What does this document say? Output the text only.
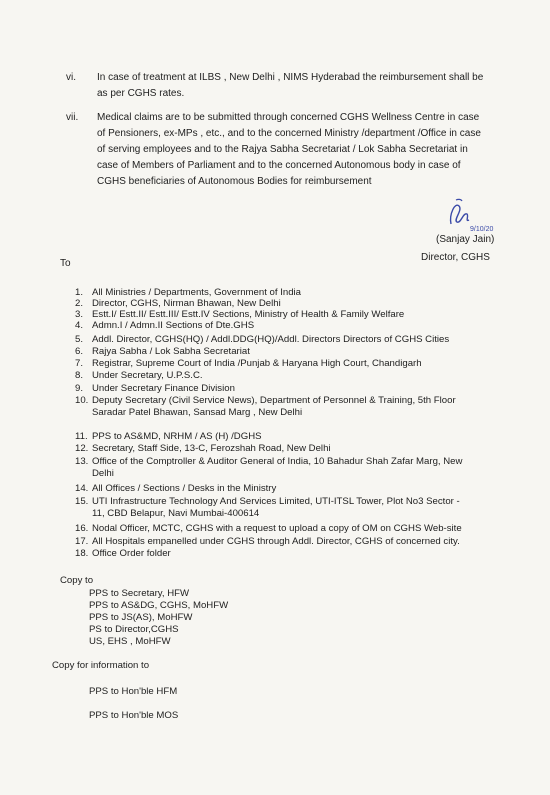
vi. In case of treatment at ILBS , New Delhi , NIMS Hyderabad the reimbursement shall be
as per CGHS rates.
vii. Medical claims are to be submitted through concerned CGHS Wellness Centre in case
of Pensioners, ex-MPs , etc., and to the concerned Ministry /department /Office in case
of serving employees and to the Rajya Sabha Secretariat / Lok Sabha Secretariat in
case of Members of Parliament and to the concerned Autonomous body in case of
CGHS beneficiaries of Autonomous Bodies for reimbursement
9/10/20
(Sanjay Jain)
Director, CGHS
To
1. All Ministries / Departments, Government of India
2. Director, CGHS, Nirman Bhawan, New Delhi
3. Estt.I/ Estt.II/ Estt.III/ Estt.IV Sections, Ministry of Health & Family Welfare
4. Admn.I / Admn.II Sections of Dte.GHS
5. Addl. Director, CGHS(HQ) / Addl.DDG(HQ)/Addl. Directors Directors of CGHS Cities
6. Rajya Sabha / Lok Sabha Secretariat
7. Registrar, Supreme Court of India /Punjab & Haryana High Court, Chandigarh
8. Under Secretary, U.P.S.C.
9. Under Secretary Finance Division
10. Deputy Secretary (Civil Service News), Department of Personnel & Training, 5th Floor
Saradar Patel Bhawan, Sansad Marg , New Delhi
11. PPS to AS&MD, NRHM / AS (H) /DGHS
12. Secretary, Staff Side, 13-C, Ferozshah Road, New Delhi
13. Office of the Comptroller & Auditor General of India, 10 Bahadur Shah Zafar Marg, New
Delhi
14. All Offices / Sections / Desks in the Ministry
15. UTI Infrastructure Technology And Services Limited, UTI-ITSL Tower, Plot No3 Sector -
11, CBD Belapur, Navi Mumbai-400614
16. Nodal Officer, MCTC, CGHS with a request to upload a copy of OM on CGHS Web-site
17. All Hospitals empanelled under CGHS through Addl. Director, CGHS of concerned city.
18. Office Order folder
Copy to
PPS to Secretary, HFW
PPS to AS&DG, CGHS, MoHFW
PPS to JS(AS), MoHFW
PS to Director,CGHS
US, EHS , MoHFW
Copy for information to
PPS to Hon'ble HFM
PPS to Hon'ble MOS
